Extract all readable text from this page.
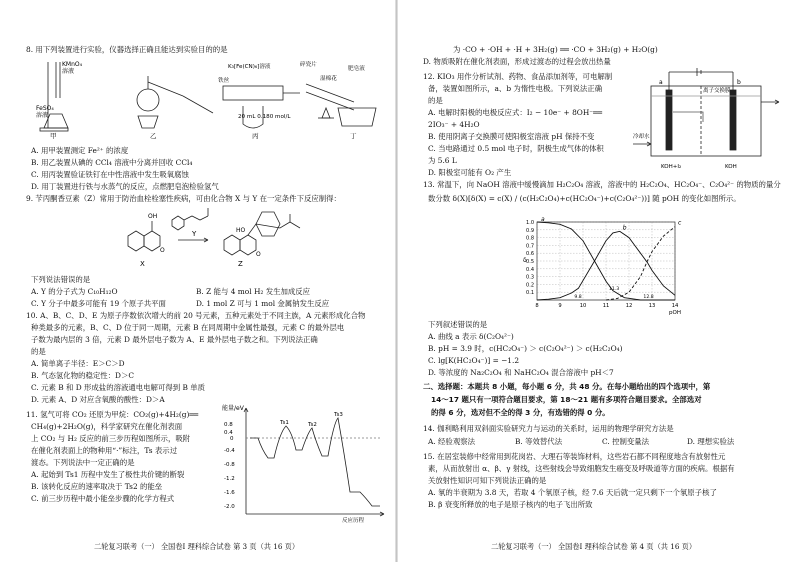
8. 用下列装置进行实验，仪器选择正确且能达到实验目的的是
KMnO₄
溶液
FeSO₄
溶液
K₃[Fe(CN)₆]溶液
20 mL 0.180 mol/L
铁丝	湿棉花
肥皂液
碎瓷片
甲	乙	丙	丁
A. 用甲装置测定 Fe²⁺ 的浓度
B. 用乙装置从碘的 CCl₄ 溶液中分离并回收 CCl₄
C. 用丙装置验证铁钉在中性溶液中发生吸氧腐蚀
D. 用丁装置进行铁与水蒸气的反应，点燃肥皂泡检验氢气
9. 苄丙酮香豆素（Z）常用于防治血栓栓塞性疾病，可由化合物 X 与 Y 在一定条件下反应制得：
OH
O
X
Y
Z
HO
O
下列说法错误的是
A. Y 的分子式为 C₁₀H₁₂O	B. Z 能与 4 mol H₂ 发生加成反应
C. Y 分子中最多可能有 19 个原子共平面	D. 1 mol Z 可与 1 mol 金属钠发生反应
10. A、B、C、D、E 为原子序数依次增大的前 20 号元素，五种元素处于不同主族，A 元素形成化合物
种类最多的元素，B、C、D 位于同一周期，元素 B 在同周期中金属性最强，元素 C 的最外层电
子数为最内层的 3 倍，元素 D 最外层电子数为 A、E 最外层电子数之和。下列说法正确
的是
A. 简单离子半径：E＞C＞D
B. 气态氢化物的稳定性：D＞C
C. 元素 B 和 D 形成盐的溶液通电电解可得到 B 单质
D. 元素 A、D 对应含氧酸的酸性：D＞A
11. 氢气可将 CO₂ 还原为甲烷：CO₂(g)+4H₂(g)══
CH₄(g)+2H₂O(g)，科学家研究在催化剂表面
上 CO₂ 与 H₂ 反应的前三步历程如图所示，吸附
在催化剂表面上的物种用“·”标注，Ts 表示过
渡态。下列说法中一定正确的是
A. 起始到 Ts1 历程中发生了极性共价键的断裂
B. 该转化反应的速率取决于 Ts2 的能垒
C. 前三步历程中最小能垒步骤的化学方程式
能量/eV
0.8
0.4
0
-0.4
-0.8
-1.2
-1.6
-2.0
Ts1	Ts2
Ts3
反应历程
二轮复习联考（一） 全国卷Ⅰ 理科综合试卷 第 3 页（共 16 页）
为 ·CO + ·OH + ·H + 3H₂(g) ══ ·CO + 3H₂(g) + H₂O(g)
D. 物质吸附在催化剂表面，形成过渡态的过程会放出热量
12. KIO₃ 用作分析试剂、药物、食品添加剂等，可电解制
备，装置如图所示，a、b 为惰性电极。下列说法正确
的是
A. 电解时阳极的电极反应式：I₂ − 10e⁻ + 8OH⁻══
2IO₃⁻ + 4H₂O
B. 使用阴离子交换膜可使阳极室溶液 pH 保持不变
C. 当电路通过 0.5 mol 电子时，阴极生成气体的体积
为 5.6 L
D. 阳极室可能有 O₂ 产生
a	b
离子交换膜
冷却水
KOH+I₂	KOH
13. 常温下，向 NaOH 溶液中缓慢滴加 H₂C₂O₄ 溶液，溶液中的 H₂C₂O₄、HC₂O₄⁻、C₂O₄²⁻ 的物质的量分
数分数 δ(X)[δ(X) = c(X) / (c(H₂C₂O₄)+c(HC₂O₄⁻)+c(C₂O₄²⁻))] 随 pOH 的变化如图所示。
0.1
0.2
0.3
0.4
0.5
0.6
0.7
0.8
0.9
1.0
8	9	10	11	12	13	14
δ
pOH
a
b
c
9.8	12.8
11.3
下列叙述错误的是
A. 曲线 a 表示 δ(C₂O₄²⁻)
B. pH = 3.9 时，c(HC₂O₄⁻) ＞ c(C₂O₄²⁻) ＞ c(H₂C₂O₄)
C. lg[K(HC₂O₄⁻)] = −1.2
D. 等浓度的 Na₂C₂O₄ 和 NaHC₂O₄ 混合溶液中 pH＜7
二、选择题：本题共 8 小题，每小题 6 分，共 48 分。在每小题给出的四个选项中，第
14～17 题只有一项符合题目要求，第 18～21 题有多项符合题目要求。全部选对
的得 6 分，选对但不全的得 3 分，有选错的得 0 分。
14. 伽利略利用双斜面实验研究力与运动的关系时，运用的物理学研究方法是
A. 经验观察法	B. 等效替代法	C. 控制变量法	D. 理想实验法
15. 在居室装修中经常用到花岗岩、大理石等装饰材料，这些岩石都不同程度地含有放射性元
素，从而放射出 α、β、γ 射线，这些射线会导致细胞发生癌变及呼吸道等方面的疾病。根据有
关放射性知识可知下列说法正确的是
A. 氡的半衰期为 3.8 天，若取 4 个氡原子核，经 7.6 天后就一定只剩下一个氡原子核了
B. β 衰变所释放的电子是原子核内的电子飞出所致
二轮复习联考（一） 全国卷Ⅰ 理科综合试卷 第 4 页（共 16 页）
